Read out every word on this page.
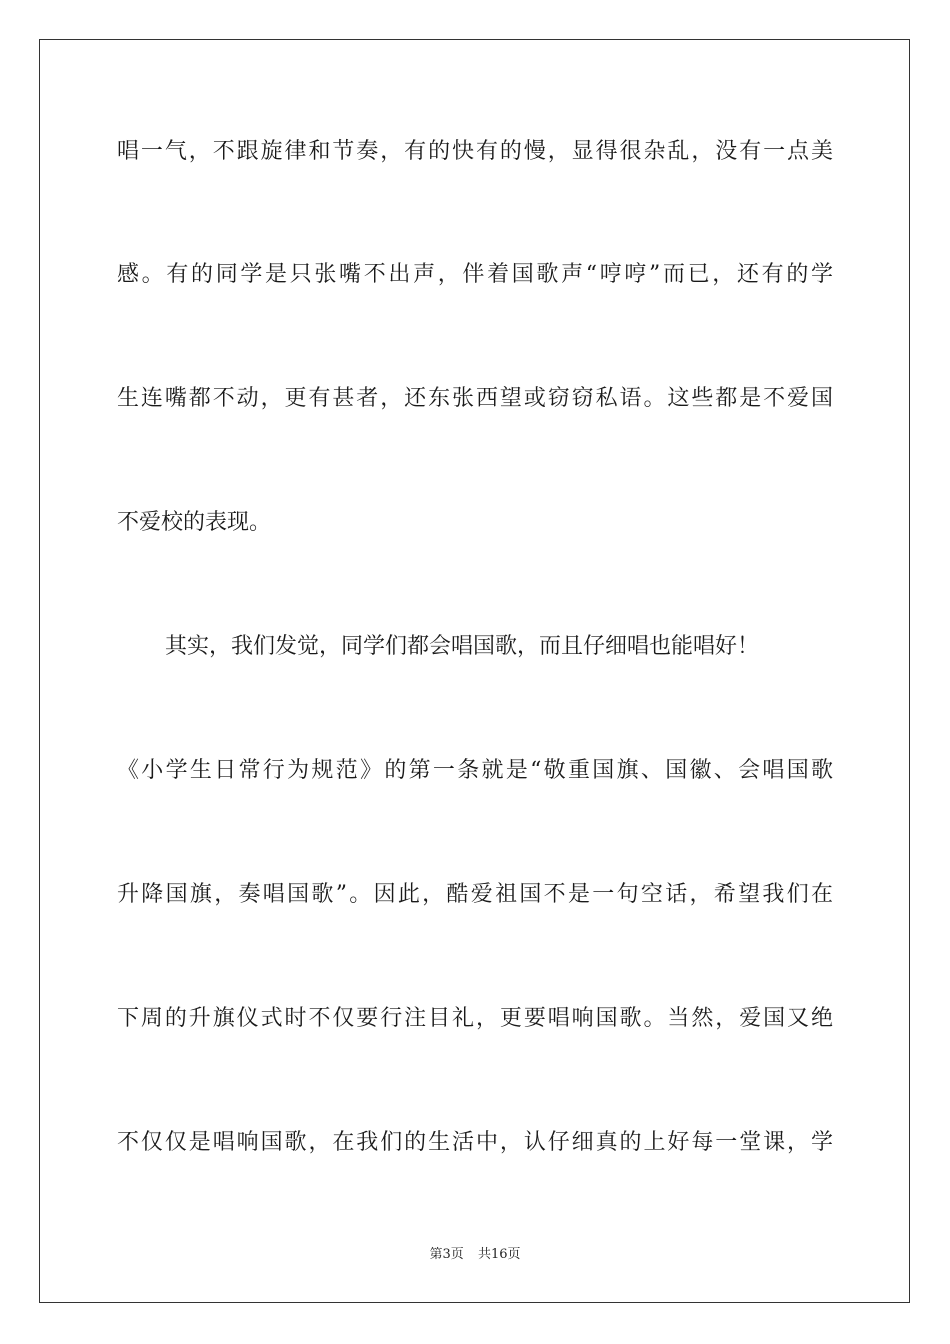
唱一气，不跟旋律和节奏，有的快有的慢，显得很杂乱，没有一点美
感。有的同学是只张嘴不出声，伴着国歌声“哼哼”而已，还有的学
生连嘴都不动，更有甚者，还东张西望或窃窃私语。这些都是不爱国
不爱校的表现。
其实，我们发觉，同学们都会唱国歌，而且仔细唱也能唱好！
《小学生日常行为规范》的第一条就是“敬重国旗、国徽、会唱国歌
升降国旗，奏唱国歌”。因此，酷爱祖国不是一句空话，希望我们在
下周的升旗仪式时不仅要行注目礼，更要唱响国歌。当然，爱国又绝
不仅仅是唱响国歌，在我们的生活中，认仔细真的上好每一堂课，学
第3页 共16页
